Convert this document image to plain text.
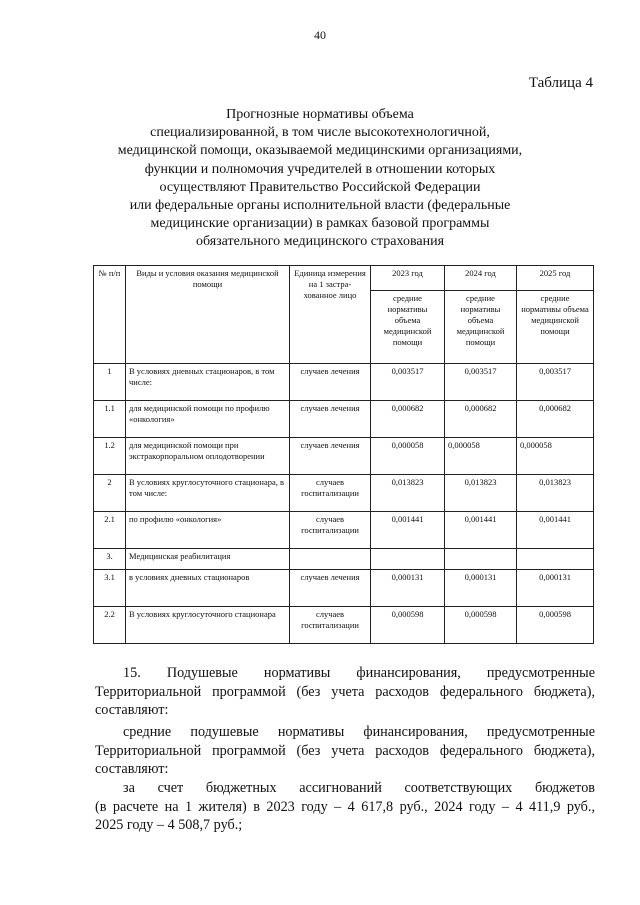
40
Таблица 4
Прогнозные нормативы объема
специализированной, в том числе высокотехнологичной,
медицинской помощи, оказываемой медицинскими организациями,
функции и полномочия учредителей в отношении которых
осуществляют Правительство Российской Федерации
или федеральные органы исполнительной власти (федеральные
медицинские организации) в рамках базовой программы
обязательного медицинского страхования
№ п/п	Виды и условия оказания медицинской помощи	Единица измерения на 1 застра-хованное лицо	2023 год	2024 год	2025 год
			средние нормативы объема медицинской помощи	средние нормативы объема медицинской помощи	средние нормативы объема медицинской помощи
1	В условиях дневных стационаров, в том числе:	случаев лечения	0,003517	0,003517	0,003517
1.1	для медицинской помощи по профилю «онкология»	случаев лечения	0,000682	0,000682	0,000682
1.2	для медицинской помощи при экстракорпоральном оплодотворении	случаев лечения	0,000058	0,000058	0,000058
2	В условиях круглосуточного стационара, в том числе:	случаев госпитализации	0,013823	0,013823	0,013823
2.1	по профилю «онкология»	случаев госпитализации	0,001441	0,001441	0,001441
3.	Медицинская реабилитация				
3.1	в условиях дневных стационаров	случаев лечения	0,000131	0,000131	0,000131
2.2	В условиях круглосуточного стационара	случаев госпитализации	0,000598	0,000598	0,000598
15. Подушевые нормативы финансирования, предусмотренные
Территориальной программой (без учета расходов федерального бюджета),
составляют:
средние подушевые нормативы финансирования, предусмотренные
Территориальной программой (без учета расходов федерального бюджета),
составляют:
за счет бюджетных ассигнований соответствующих бюджетов
(в расчете на 1 жителя) в 2023 году – 4 617,8 руб., 2024 году – 4 411,9 руб.,
2025 году – 4 508,7 руб.;
